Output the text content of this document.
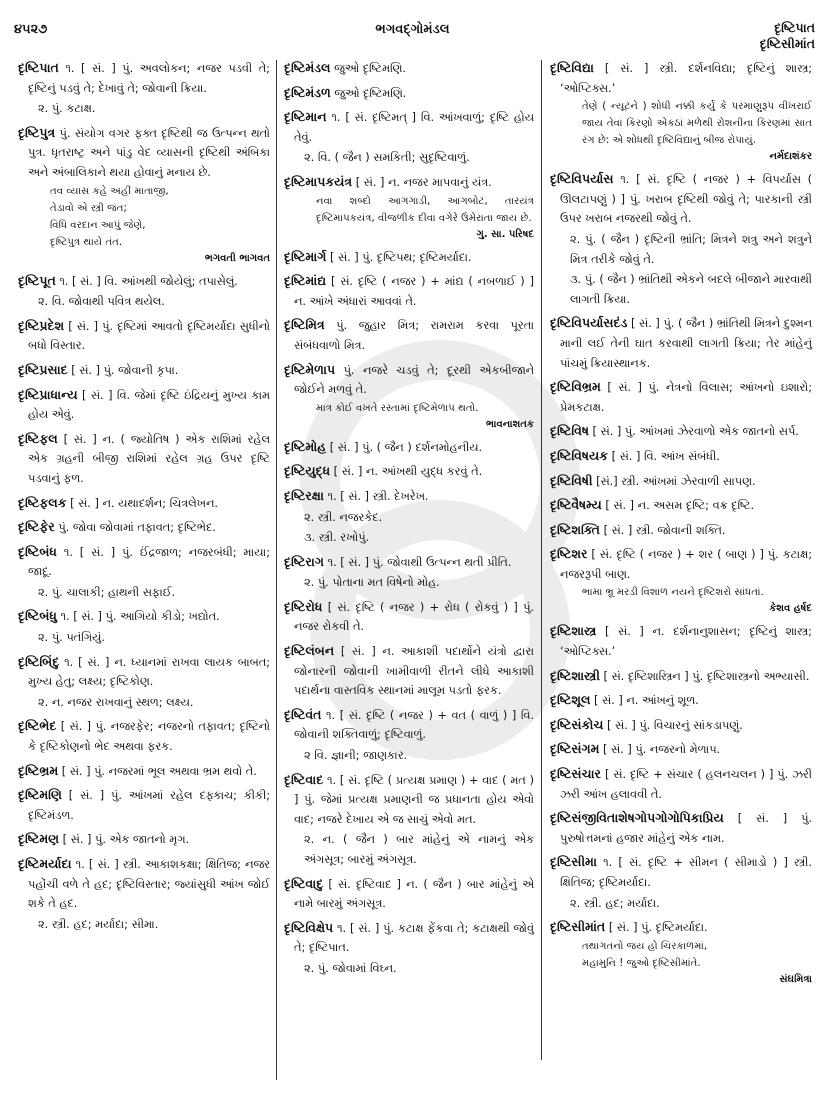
૪૫૨૭	ભગવદ્ગોમંડલ	દૃષ્ટિપાત
દૃષ્ટિસીમાંત
દૃષ્ટિપાત ૧. [ સં. ] પું. અવલોકન; નજર પડવી તે; દૃષ્ટિનું પડવું તે; દેખાવું તે; જોવાની ક્રિયા.
૨. પું. કટાક્ષ.
દૃષ્ટિપુત્ર પું. સંયોગ વગર ફક્ત દૃષ્ટિથી જ ઉત્પન્ન થતો પુત્ર. ધૃતરાષ્ટ્ર અને પાંડુ વેદ વ્યાસની દૃષ્ટિથી અંબિકા અને અંબાલિકાને થયા હોવાનું મનાય છે.
તવ વ્યાસ કહે અહીં માતાજી,
તેડાવો એ સ્ત્રી જંત;
વિધિ વરદાન આપું જેણે,
દૃષ્ટિપુત્ર થાયે તંત.
ભગવતી ભાગવત
દૃષ્ટિપૂત ૧. [ સં. ] વિ. આંખથી જોયેલું; તપાસેલું.
૨. વિ. જોવાથી પવિત્ર થયેલ.
દૃષ્ટિપ્રદેશ [ સં. ] પું. દૃષ્ટિમાં આવતો દૃષ્ટિમર્યાદા સુધીનો બધો વિસ્તાર.
દૃષ્ટિપ્રસાદ [ સં. ] પું. જોવાની કૃપા.
દૃષ્ટિપ્રાધાન્ય [ સં. ] વિ. જેમાં દૃષ્ટિ ઇંદ્રિયનું મુખ્ય કામ હોય એવું.
દૃષ્ટિફલ [ સં. ] ન. ( જ્યોતિષ ) એક રાશિમાં રહેલ એક ગ્રહની બીજી રાશિમાં રહેલ ગ્રહ ઉપર દૃષ્ટિ પડવાનું ફળ.
દૃષ્ટિફલક [ સં. ] ન. યથાદર્શન; ચિત્રલેખન.
દૃષ્ટિફેર પું. જોવા જોવામાં તફાવત; દૃષ્ટિભેદ.
દૃષ્ટિબંધ ૧. [ સં. ] પું. ઈંદ્રજાળ; નજરબંધી; માયા; જાદૂ.
૨. પું. ચાલાકી; હાથની સફાઈ.
દૃષ્ટિબંધુ ૧. [ સં. ] પું. આગિયો કીડો; ખદ્યોત.
૨. પું. પતંગિયું.
દૃષ્ટિબિંદુ ૧. [ સં. ] ન. ધ્યાનમાં રાખવા લાયક બાબત; મુખ્ય હેતુ; લક્ષ્ય; દૃષ્ટિકોણ.
૨. ન. નજર રાખવાનું સ્થળ; લક્ષ્ય.
દૃષ્ટિભેદ [ સં. ] પું. નજરફેર; નજરનો તફાવત; દૃષ્ટિનો કે દૃષ્ટિકોણનો ભેદ અથવા ફરક.
દૃષ્ટિભ્રમ [ સં. ] પું. નજરમાં ભૂલ અથવા ભ્રમ થવો તે.
દૃષ્ટિમણિ [ સં. ] પું. આંખમાં રહેલ દફ્કાચ; કીકી; દૃષ્ટિમંડળ.
દૃષ્ટિમણ [ સં. ] પું. એક જાતનો મૃગ.
દૃષ્ટિમર્યાદા ૧. [ સં. ] સ્ત્રી. આકાશકક્ષા; ક્ષિતિજ; નજર પહોંચી વળે તે હદ; દૃષ્ટિવિસ્તાર; જ્યાંસુધી આંખ જોઈ શકે તે હદ.
૨. સ્ત્રી. હદ; મર્યાદા; સીમા.
દૃષ્ટિમંડલ જુઓ દૃષ્ટિમણિ.
દૃષ્ટિમંડળ જુઓ દૃષ્ટિમણિ.
દૃષ્ટિમાન ૧. [ સં. દૃષ્ટિમત્ ] વિ. આંખવાળું; દૃષ્ટિ હોય તેવું.
૨. વિ. ( જૈન ) સમકિતી; સુદૃષ્ટિવાળું.
દૃષ્ટિમાપકયંત્ર [ સં. ] ન. નજર માપવાનું યંત્ર.
નવા શબ્દો આગગાડી, આગબોટ, તારયંત્ર દૃષ્ટિમાપકયંત્ર, વીજળીક દીવા વગેરે ઉમેરાતા જાય છે.
ગુ. સા. પરિષદ
દૃષ્ટિમાર્ગ [ સં. ] પું. દૃષ્ટિપથ; દૃષ્ટિમર્યાદા.
દૃષ્ટિમાંદ્ય [ સં. દૃષ્ટિ ( નજર ) + માંદ્ય ( નબળાઈ ) ] ન. આંખે અંધારાં આવવાં તે.
દૃષ્ટિમિત્ર પું. જુહાર મિત્ર; રામરામ કરવા પૂરતા સંબંધવાળો મિત્ર.
દૃષ્ટિમેળાપ પું. નજરે ચડવું તે; દૂરથી એકબીજાને જોઈને મળવું તે.
માત્ર કોઈ વખતે રસ્તામાં દૃષ્ટિમેળાપ થતો.
ભાવનાશતક
દૃષ્ટિમોહ [ સં. ] પું. ( જૈન ) દર્શનમોહનીય.
દૃષ્ટિયુદ્ધ [ સં. ] ન. આંખથી યુદ્ધ કરવું તે.
દૃષ્ટિરક્ષા ૧. [ સં. ] સ્ત્રી. દેખરેખ.
૨. સ્ત્રી. નજરકેદ.
૩. સ્ત્રી. રખોપું.
દૃષ્ટિરાગ ૧. [ સં. ] પું. જોવાથી ઉત્પન્ન થતી પ્રીતિ.
૨. પું. પોતાના મત વિષેનો મોહ.
દૃષ્ટિરોધ [ સં. દૃષ્ટિ ( નજર ) + રોધ ( રોકવું ) ] પું. નજર રોકવી તે.
દૃષ્ટિલંબન [ સં. ] ન. આકાશી પદાર્થોને યંત્રો દ્વારા જોનારની જોવાની ખામીવાળી રીતને લીધે આકાશી પદાર્થના વાસ્તવિક સ્થાનમાં માલૂમ પડતો ફરક.
દૃષ્ટિવંત ૧. [ સં. દૃષ્ટિ ( નજર ) + વત ( વાળું ) ] વિ. જોવાની શક્તિવાળું; દૃષ્ટિવાળું.
૨ વિ. જ્ઞાની; જાણકાર.
દૃષ્ટિવાદ ૧. [ સં. દૃષ્ટિ ( પ્રત્યક્ષ પ્રમાણ ) + વાદ ( મત ) ] પું. જેમાં પ્રત્યક્ષ પ્રમાણની જ પ્રધાનતા હોય એવો વાદ; નજરે દેખાય એ જ સાચું એવો મત.
૨. ન. ( જૈન ) બાર માંહેનું એ નામનું એક અંગસૂત્ર; બારમું અંગસૂત્ર.
દૃષ્ટિવાદુ [ સં. દૃષ્ટિવાદ ] ન. ( જૈન ) બાર માંહેનું એ નામે બારમું અંગસૂત્ર.
દૃષ્ટિવિક્ષેપ ૧. [ સં. ] પું. કટાક્ષ ફેંકવા તે; કટાક્ષથી જોવું તે; દૃષ્ટિપાત.
૨. પું. જોવામાં વિઘ્ન.
દૃષ્ટિવિદ્યા [ સં. ] સ્ત્રી. દર્શનવિદ્યા; દૃષ્ટિનું શાસ્ત્ર; ‘ઓપ્ટિક્સ.’
તેણે ( ન્યૂટને ) શોધી નક્કી કર્યું કે પરમાણુરૂપ વીખરાઈ જાય તેવાં કિરણો એકઠાં મળેથી રોશનીના કિરણમાં સાત રંગ છે: એ શોધથી દૃષ્ટિવિદ્યાનું બીજ રોપાયું.
નર્મદાશંકર
દૃષ્ટિવિપર્યાસ ૧. [ સં. દૃષ્ટિ ( નજર ) + વિપર્યાસ ( ઊલટાપણું ) ] પું. ખરાબ દૃષ્ટિથી જોવું તે; પારકાની સ્ત્રી ઉપર ખરાબ નજરથી જોવું તે.
૨. પું. ( જૈન ) દૃષ્ટિની ભ્રાંતિ; મિત્રને શત્રુ અને શત્રુને મિત્ર તરીકે જોવું તે.
૩. પું. ( જૈન ) ભ્રાંતિથી એકને બદલે બીજાને મારવાથી લાગતી ક્રિયા.
દૃષ્ટિવિપર્યાસદંડ [ સં. ] પું. ( જૈન ) ભ્રાંતિથી મિત્રને દુશ્મન માની લઈ તેની ઘાત કરવાથી લાગતી ક્રિયા; તેર માંહેનું પાંચમું ક્રિયાસ્થાનક.
દૃષ્ટિવિભ્રમ [ સં. ] પું. નેત્રનો વિલાસ; આંખનો ઇશારો; પ્રેમકટાક્ષ.
દૃષ્ટિવિષ [ સં. ] પું. આંખમાં ઝેરવાળો એક જાતનો સર્પ.
દૃષ્ટિવિષયક [ સં. ] વિ. આંખ સંબંધી.
દૃષ્ટિવિષી [સં.] સ્ત્રી. આંખમાં ઝેરવાળી સાપણ.
દૃષ્ટિવૈષમ્ય [ સં. ] ન. અસમ દૃષ્ટિ; વક્ર દૃષ્ટિ.
દૃષ્ટિશક્તિ [ સં. ] સ્ત્રી. જોવાની શક્તિ.
દૃષ્ટિશર [ સં. દૃષ્ટિ ( નજર ) + શર ( બાણ ) ] પું. કટાક્ષ; નજરરૂપી બાણ.
ભામા ભ્રૂ મરડી વિશાળ નયને દૃષ્ટિશરો સાંધતાં.
કેશવ હર્ષદ
દૃષ્ટિશાસ્ત્ર [ સં. ] ન. દર્શનાનુશાસન; દૃષ્ટિનું શાસ્ત્ર; ‘ઓપ્ટિક્સ.’
દૃષ્ટિશાસ્ત્રી [ સં. દૃષ્ટિશાસ્ત્રિન ] પું. દૃષ્ટિશાસ્ત્રનો અભ્યાસી.
દૃષ્ટિશૂલ [ સં. ] ન. આંખનું શૂળ.
દૃષ્ટિસંકોચ [ સં. ] પું. વિચારનું સાંકડાપણું.
દૃષ્ટિસંગમ [ સં. ] પું. નજરનો મેળાપ.
દૃષ્ટિસંચાર [ સં. દૃષ્ટિ + સંચાર ( હલનચલન ) ] પું. ઝરી ઝરી આંખ હલાવવી તે.
દૃષ્ટિસંજીવિતાશેષગોપગોગોપિકાપ્રિય [ સં. ] પું. પુરુષોત્તમનાં હજાર માંહેનું એક નામ.
દૃષ્ટિસીમા ૧. [ સં. દૃષ્ટિ + સીમન ( સીમાડો ) ] સ્ત્રી. ક્ષિતિજ; દૃષ્ટિમર્યાદા.
૨. સ્ત્રી. હદ; મર્યાદા.
દૃષ્ટિસીમાંત [ સં. ] પું. દૃષ્ટિમર્યાદા.
તથાગતનો જય હો ચિરકાળમાં,
મહામુનિ ! જુઓ દૃષ્ટિસીમાંતે.
સંઘમિત્રા
